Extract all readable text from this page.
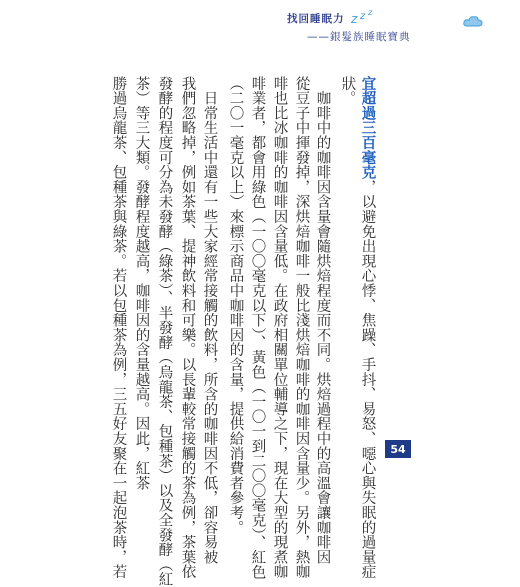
找回睡眠力 z z z
——銀髮族睡眠寶典
宜超過三百毫克，以避免出現心悸、焦躁、手抖、易怒、噁心與失眠的過量症
狀。
　咖啡中的咖啡因含量會隨烘焙程度而不同。烘焙過程中的高溫會讓咖啡因
從豆子中揮發掉，深烘焙咖啡一般比淺烘焙咖啡的咖啡因含量少。另外，熱咖
啡也比冰咖啡的咖啡因含量低。在政府相關單位輔導之下，現在大型的現煮咖
啡業者，都會用綠色（一〇〇毫克以下）、黃色（一〇一到二〇〇毫克）、紅色
（二〇一毫克以上）來標示商品中咖啡因的含量，提供給消費者參考。
　日常生活中還有一些大家經常接觸的飲料，所含的咖啡因不低，卻容易被
我們忽略掉，例如茶葉、提神飲料和可樂。以長輩較常接觸的茶為例，茶葉依
發酵的程度可分為未發酵（綠茶）、半發酵（烏龍茶、包種茶）以及全發酵（紅
茶）等三大類。發酵程度越高，咖啡因的含量越高。因此，紅茶
勝過烏龍茶、包種茶與綠茶。若以包種茶為例，三五好友聚在一起泡茶時，若	54
